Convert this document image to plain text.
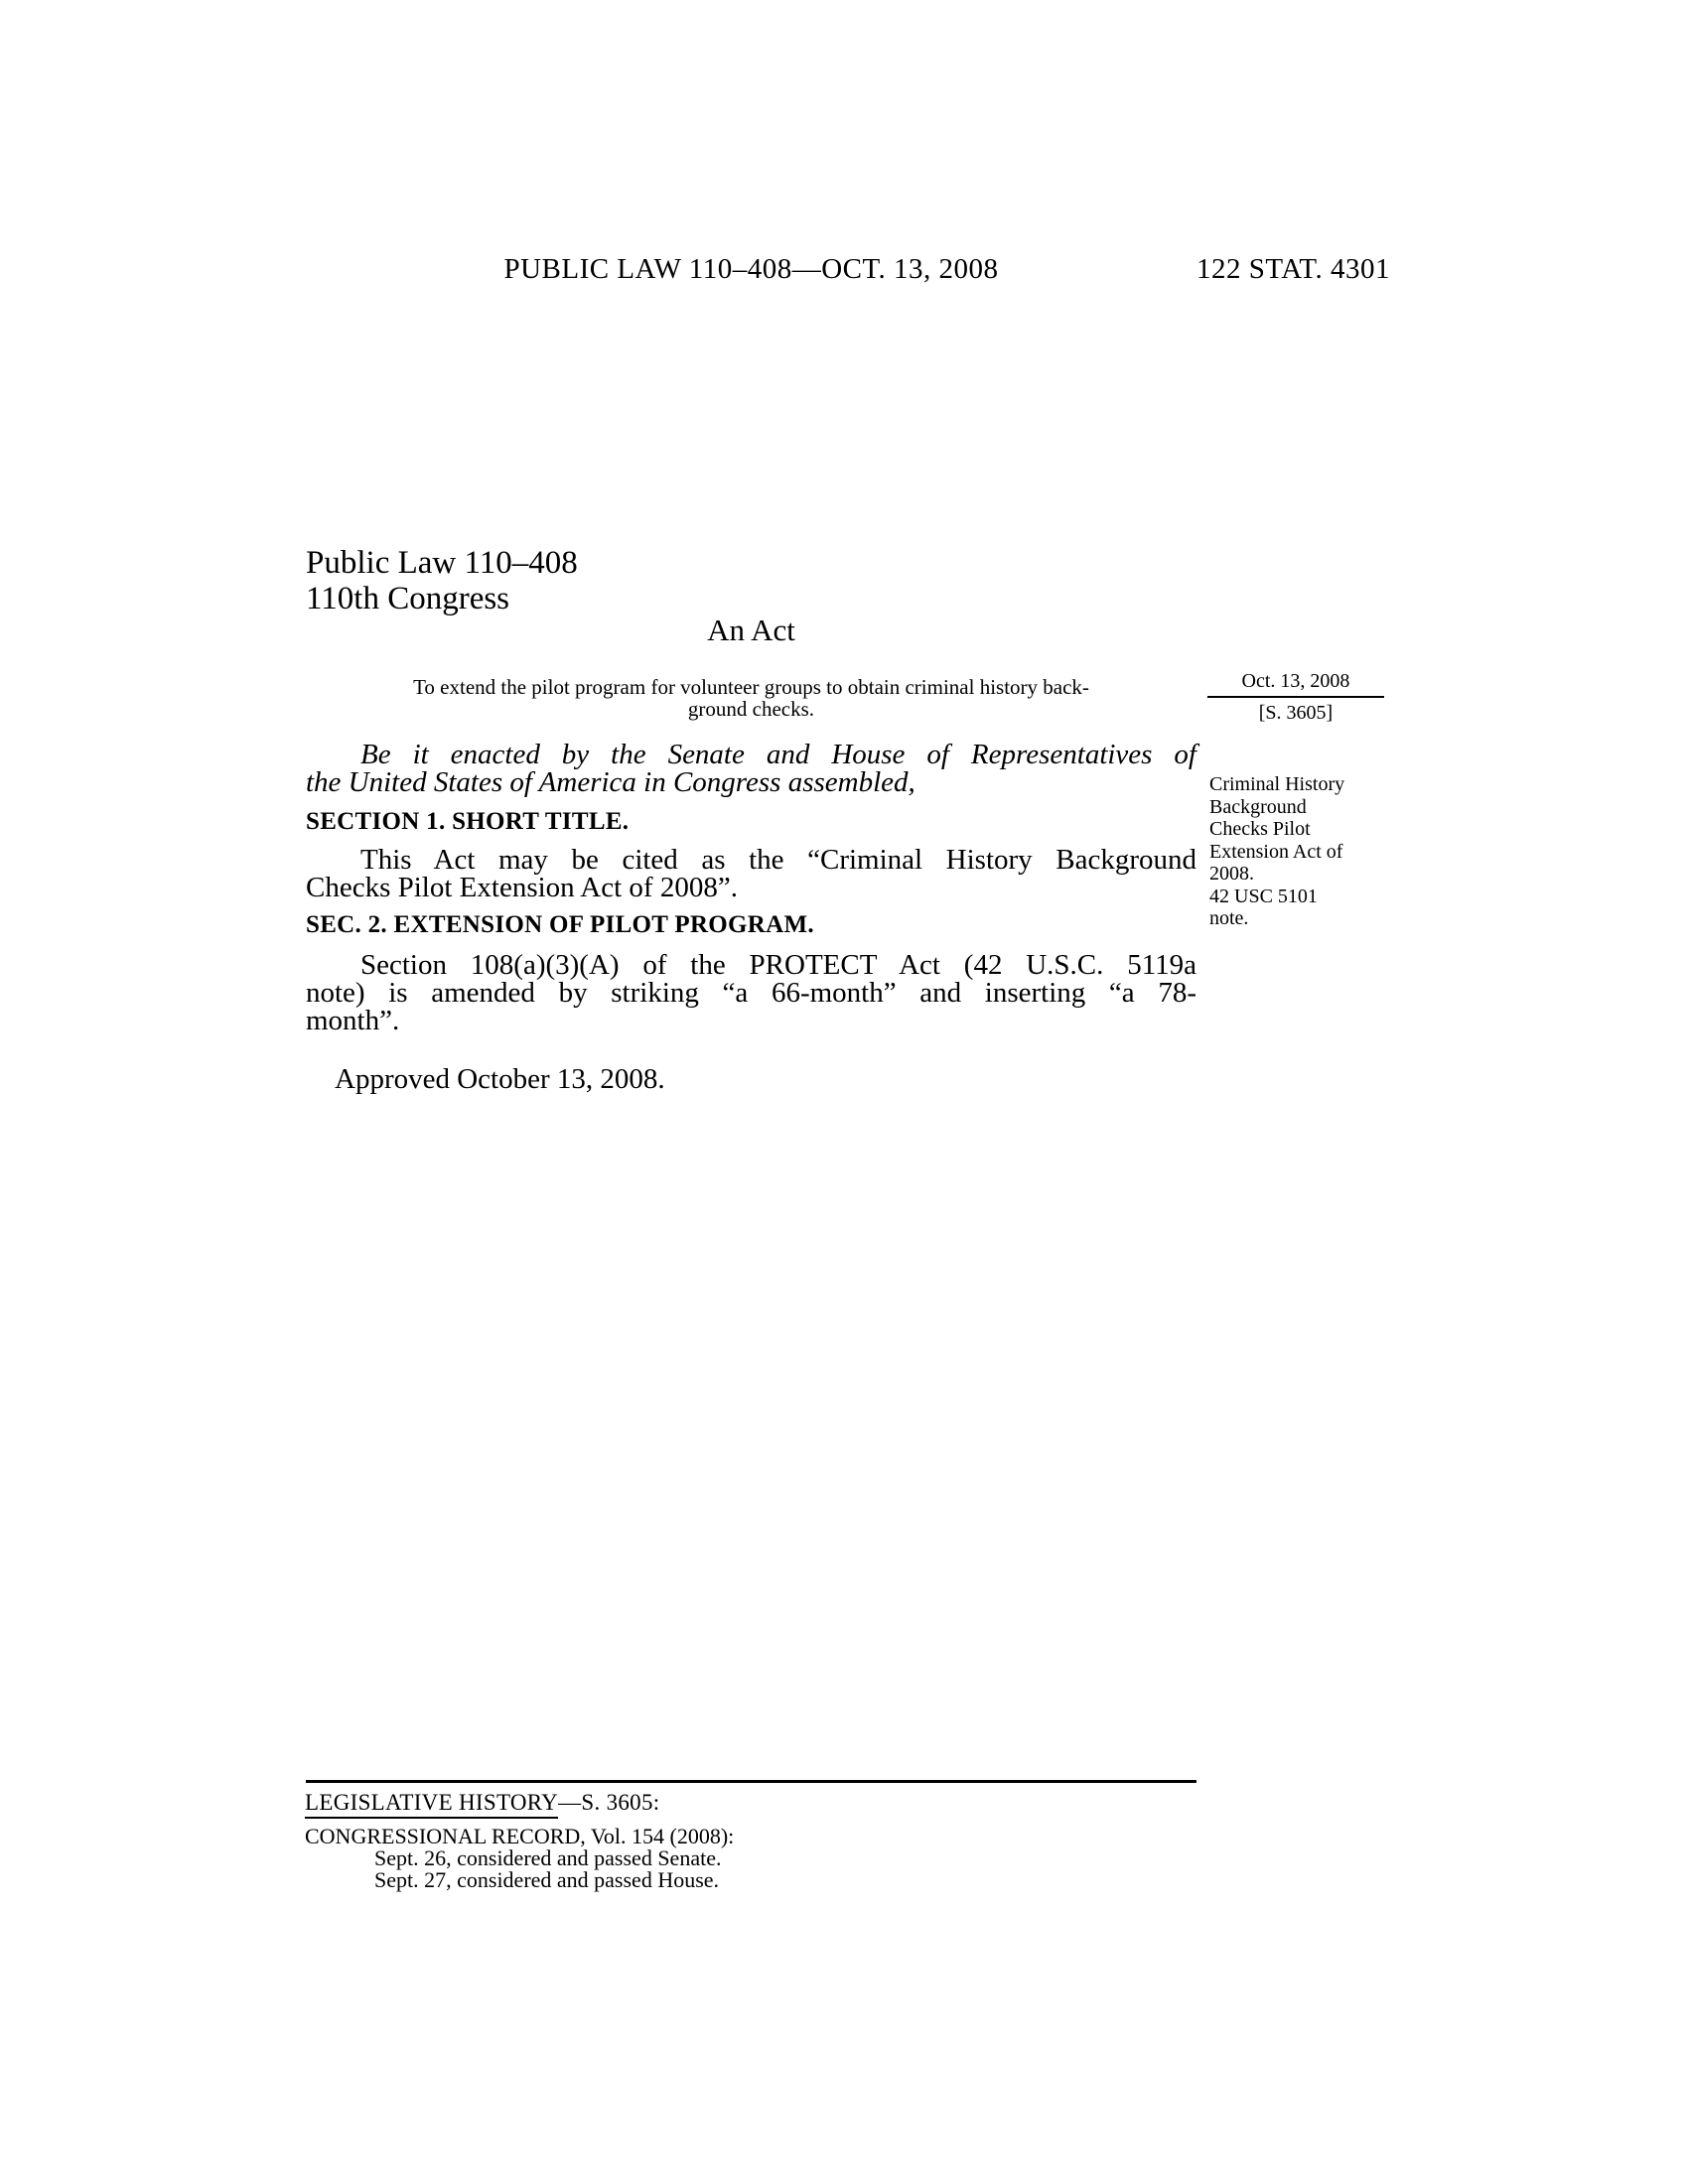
PUBLIC LAW 110–408—OCT. 13, 2008	122 STAT. 4301
Public Law 110–408
110th Congress
An Act
To extend the pilot program for volunteer groups to obtain criminal history back-
ground checks.
Oct. 13, 2008
[S. 3605]
Be it enacted by the Senate and House of Representatives of
the United States of America in Congress assembled,	Criminal History
Background
Checks Pilot
Extension Act of
2008.
42 USC 5101
note.
SECTION 1. SHORT TITLE.
This Act may be cited as the “Criminal History Background
Checks Pilot Extension Act of 2008”.
SEC. 2. EXTENSION OF PILOT PROGRAM.
Section 108(a)(3)(A) of the PROTECT Act (42 U.S.C. 5119a
note) is amended by striking “a 66-month” and inserting “a 78-
month”.
Approved October 13, 2008.
LEGISLATIVE HISTORY—S. 3605:
CONGRESSIONAL RECORD, Vol. 154 (2008):
Sept. 26, considered and passed Senate.
Sept. 27, considered and passed House.
